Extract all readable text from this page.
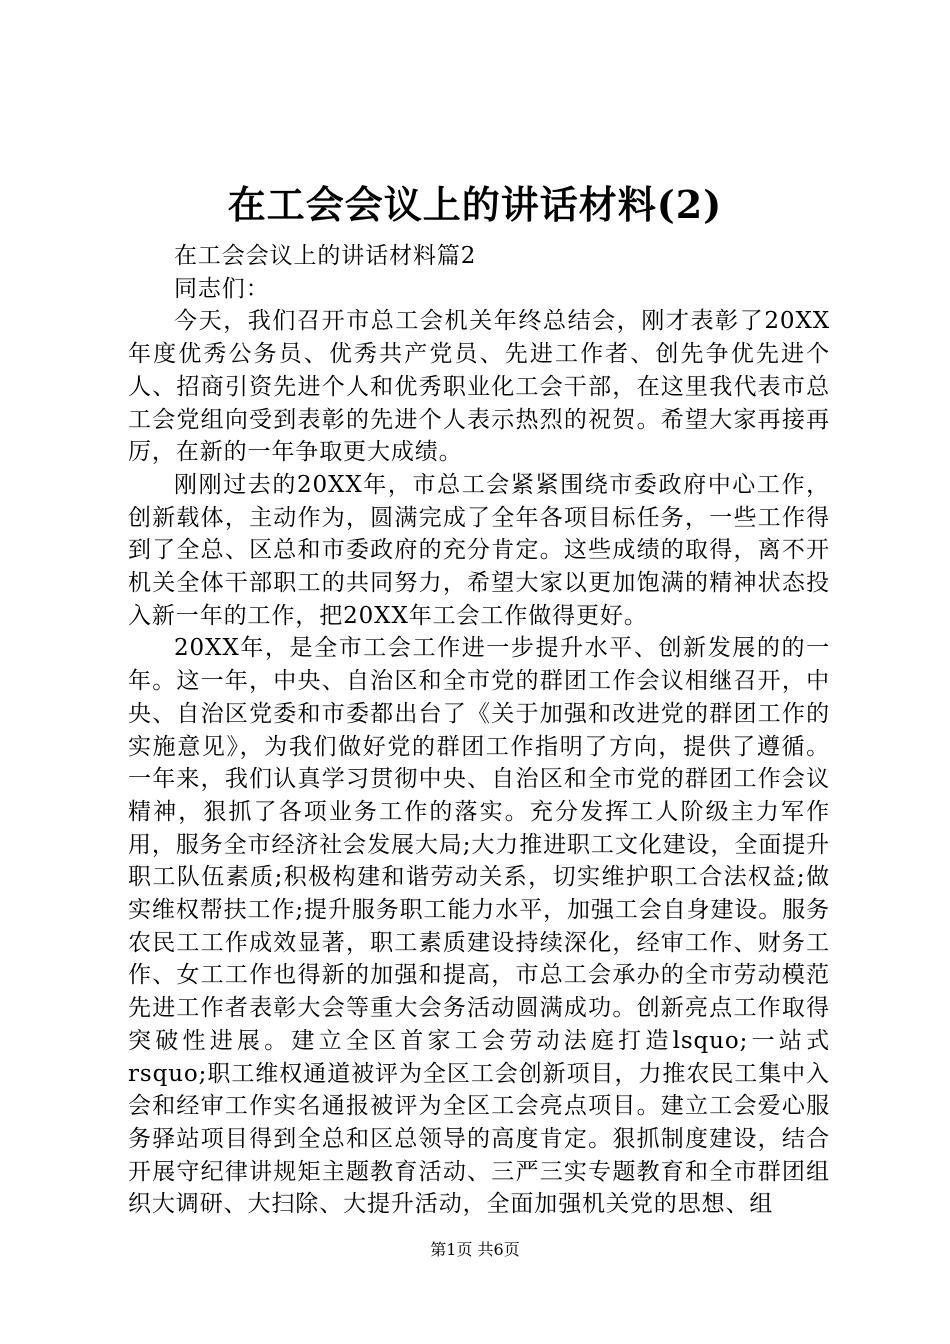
在工会会议上的讲话材料(2)

在工会会议上的讲话材料篇2

同志们：

今天，我们召开市总工会机关年终总结会，刚才表彰了20XX年度优秀公务员、优秀共产党员、先进工作者、创先争优先进个人、招商引资先进个人和优秀职业化工会干部，在这里我代表市总工会党组向受到表彰的先进个人表示热烈的祝贺。希望大家再接再厉，在新的一年争取更大成绩。

刚刚过去的20XX年，市总工会紧紧围绕市委政府中心工作，创新载体，主动作为，圆满完成了全年各项目标任务，一些工作得到了全总、区总和市委政府的充分肯定。这些成绩的取得，离不开机关全体干部职工的共同努力，希望大家以更加饱满的精神状态投入新一年的工作，把20XX年工会工作做得更好。

20XX年，是全市工会工作进一步提升水平、创新发展的的一年。这一年，中央、自治区和全市党的群团工作会议相继召开，中央、自治区党委和市委都出台了《关于加强和改进党的群团工作的实施意见》，为我们做好党的群团工作指明了方向，提供了遵循。一年来，我们认真学习贯彻中央、自治区和全市党的群团工作会议精神，狠抓了各项业务工作的落实。充分发挥工人阶级主力军作用，服务全市经济社会发展大局;大力推进职工文化建设，全面提升职工队伍素质;积极构建和谐劳动关系，切实维护职工合法权益;做实维权帮扶工作;提升服务职工能力水平，加强工会自身建设。服务农民工工作成效显著，职工素质建设持续深化，经审工作、财务工作、女工工作也得新的加强和提高，市总工会承办的全市劳动模范先进工作者表彰大会等重大会务活动圆满成功。创新亮点工作取得突破性进展。建立全区首家工会劳动法庭打造lsquo;一站式rsquo;职工维权通道被评为全区工会创新项目，力推农民工集中入会和经审工作实名通报被评为全区工会亮点项目。建立工会爱心服务驿站项目得到全总和区总领导的高度肯定。狠抓制度建设，结合开展守纪律讲规矩主题教育活动、三严三实专题教育和全市群团组织大调研、大扫除、大提升活动，全面加强机关党的思想、组

第1页 共6页
